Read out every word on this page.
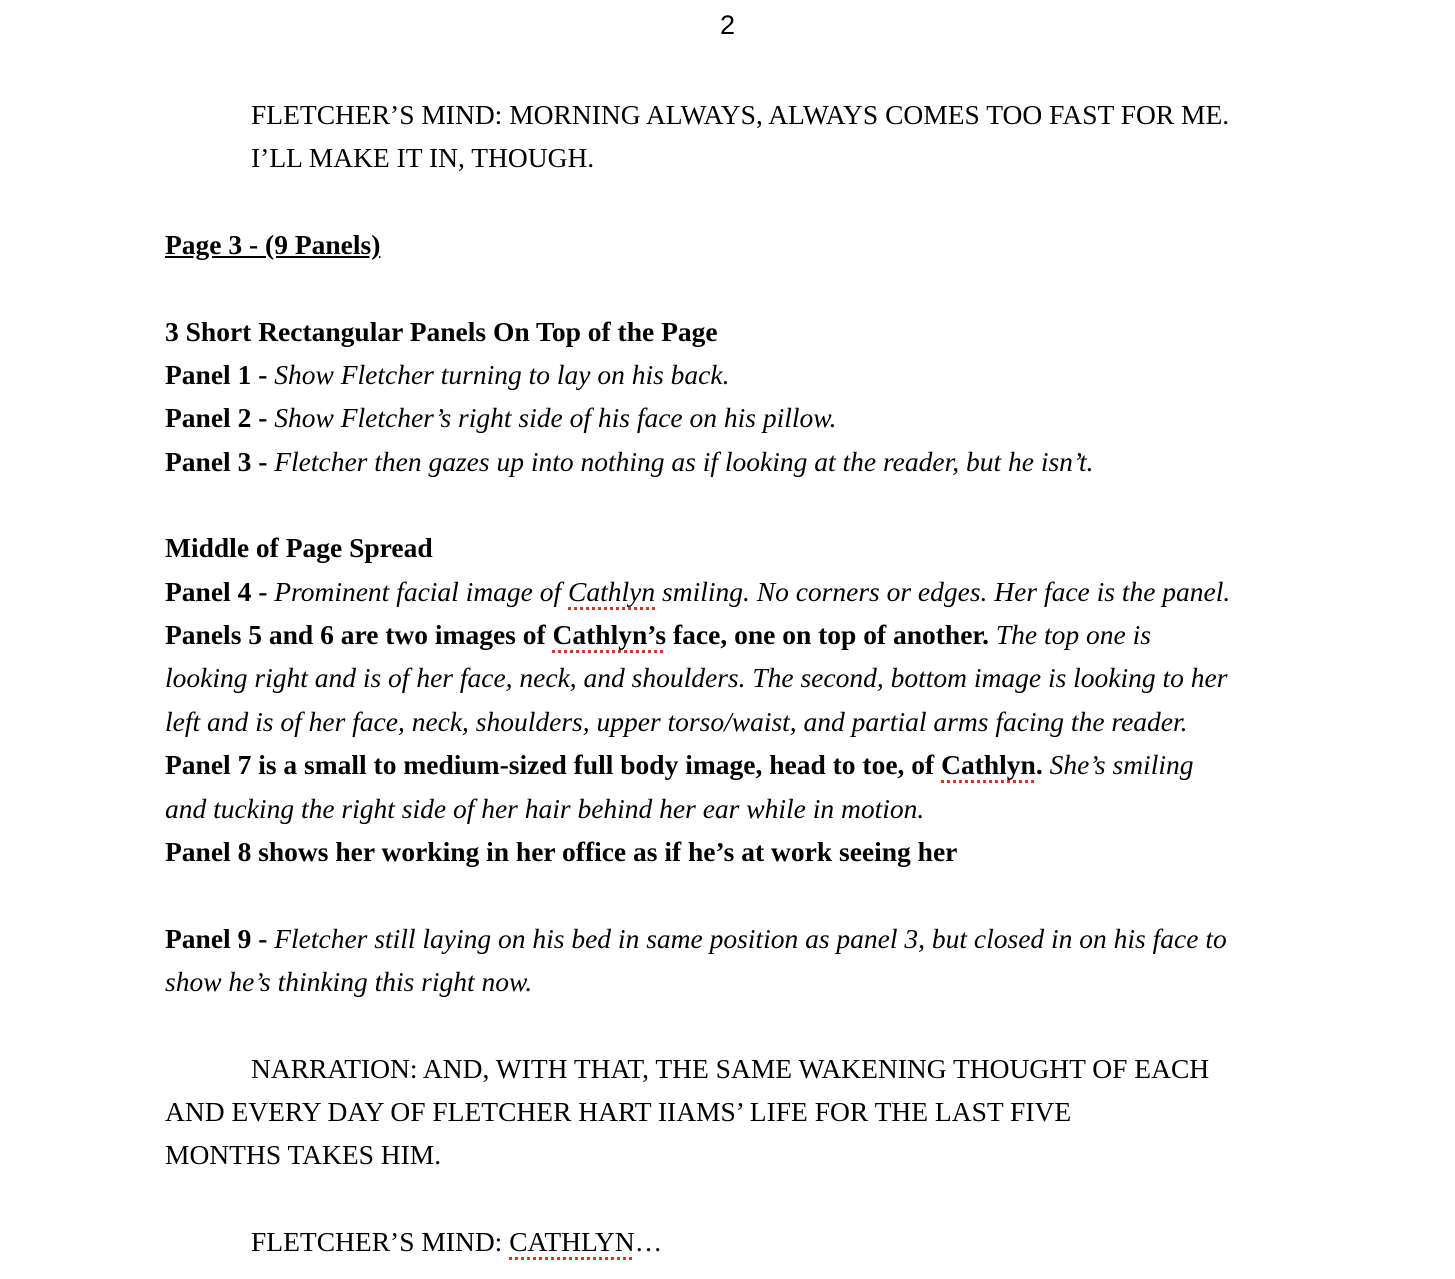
2
FLETCHER’S MIND: MORNING ALWAYS, ALWAYS COMES TOO FAST FOR ME.
I’LL MAKE IT IN, THOUGH.
Page 3 - (9 Panels)
3 Short Rectangular Panels On Top of the Page
Panel 1 - Show Fletcher turning to lay on his back.
Panel 2 - Show Fletcher’s right side of his face on his pillow.
Panel 3 - Fletcher then gazes up into nothing as if looking at the reader, but he isn’t.
Middle of Page Spread
Panel 4 - Prominent facial image of Cathlyn smiling. No corners or edges. Her face is the panel.
Panels 5 and 6 are two images of Cathlyn’s face, one on top of another. The top one is
looking right and is of her face, neck, and shoulders. The second, bottom image is looking to her
left and is of her face, neck, shoulders, upper torso/waist, and partial arms facing the reader.
Panel 7 is a small to medium-sized full body image, head to toe, of Cathlyn. She’s smiling
and tucking the right side of her hair behind her ear while in motion.
Panel 8 shows her working in her office as if he’s at work seeing her
Panel 9 - Fletcher still laying on his bed in same position as panel 3, but closed in on his face to
show he’s thinking this right now.
NARRATION: AND, WITH THAT, THE SAME WAKENING THOUGHT OF EACH
AND EVERY DAY OF FLETCHER HART IIAMS’ LIFE FOR THE LAST FIVE
MONTHS TAKES HIM.
FLETCHER’S MIND: CATHLYN…
